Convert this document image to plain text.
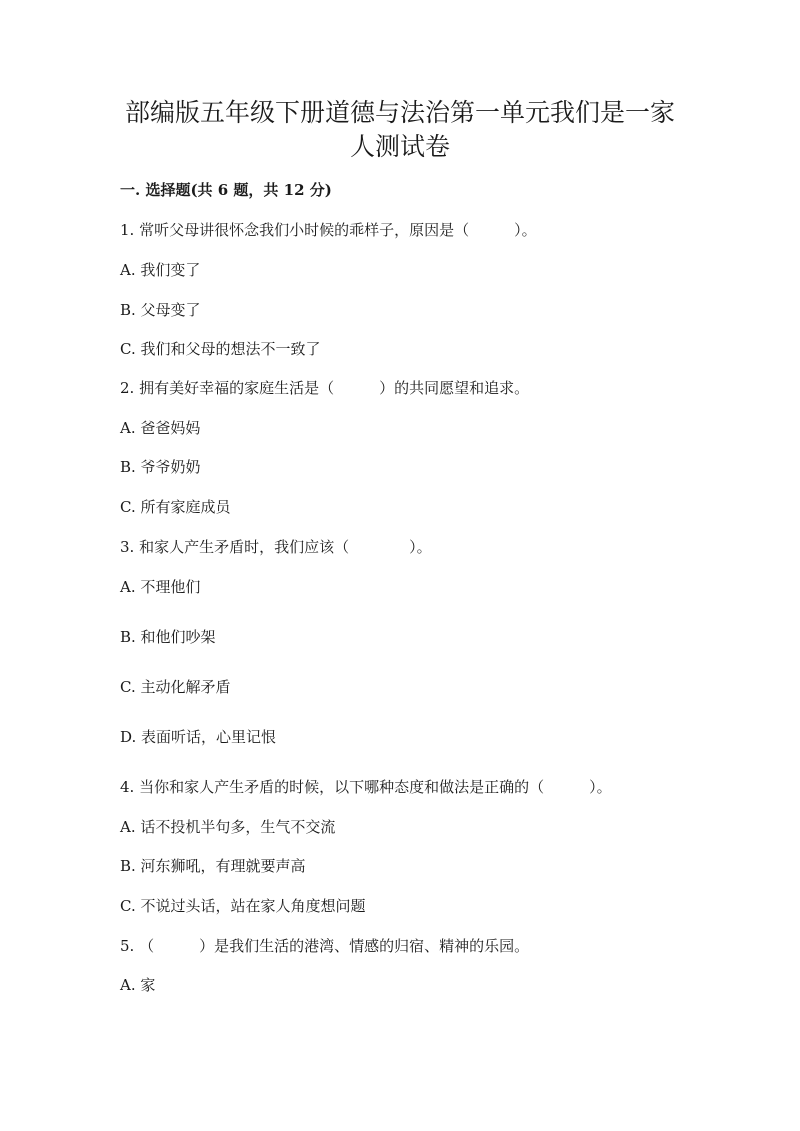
部编版五年级下册道德与法治第一单元我们是一家
人测试卷

一. 选择题(共 6 题，共 12 分)

1. 常听父母讲很怀念我们小时候的乖样子，原因是（　　　）。

A. 我们变了

B. 父母变了

C. 我们和父母的想法不一致了

2. 拥有美好幸福的家庭生活是（　　　）的共同愿望和追求。

A. 爸爸妈妈

B. 爷爷奶奶

C. 所有家庭成员

3. 和家人产生矛盾时，我们应该（　　　　）。

A. 不理他们

B. 和他们吵架

C. 主动化解矛盾

D. 表面听话，心里记恨

4. 当你和家人产生矛盾的时候，以下哪种态度和做法是正确的（　　　）。

A. 话不投机半句多，生气不交流

B. 河东狮吼，有理就要声高

C. 不说过头话，站在家人角度想问题

5. （　　　）是我们生活的港湾、情感的归宿、精神的乐园。

A. 家
